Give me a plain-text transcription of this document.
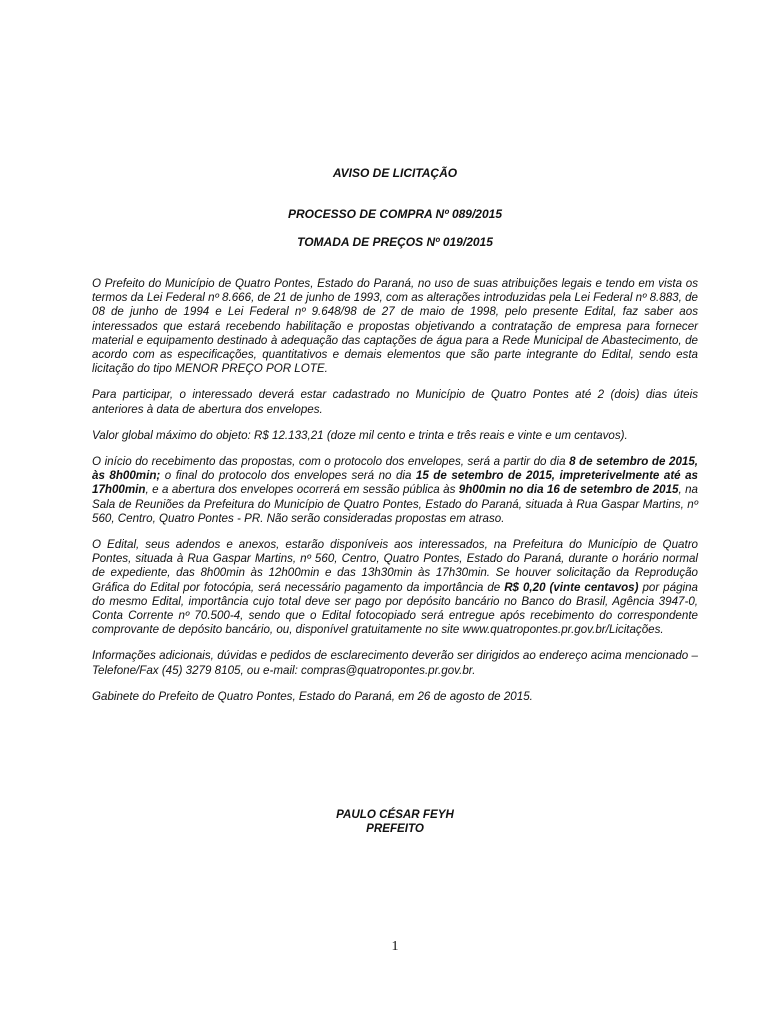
AVISO DE LICITAÇÃO

PROCESSO DE COMPRA Nº 089/2015

TOMADA DE PREÇOS Nº 019/2015

O Prefeito do Município de Quatro Pontes, Estado do Paraná, no uso de suas atribuições legais e tendo em vista os termos da Lei Federal nº 8.666, de 21 de junho de 1993, com as alterações introduzidas pela Lei Federal nº 8.883, de 08 de junho de 1994 e Lei Federal nº 9.648/98 de 27 de maio de 1998, pelo presente Edital, faz saber aos interessados que estará recebendo habilitação e propostas objetivando a contratação de empresa para fornecer material e equipamento destinado à adequação das captações de água para a Rede Municipal de Abastecimento, de acordo com as especificações, quantitativos e demais elementos que são parte integrante do Edital, sendo esta licitação do tipo MENOR PREÇO POR LOTE.

Para participar, o interessado deverá estar cadastrado no Município de Quatro Pontes até 2 (dois) dias úteis anteriores à data de abertura dos envelopes.

Valor global máximo do objeto: R$ 12.133,21 (doze mil cento e trinta e três reais e vinte e um centavos).

O início do recebimento das propostas, com o protocolo dos envelopes, será a partir do dia 8 de setembro de 2015, às 8h00min; o final do protocolo dos envelopes será no dia 15 de setembro de 2015, impreterivelmente até as 17h00min, e a abertura dos envelopes ocorrerá em sessão pública às 9h00min no dia 16 de setembro de 2015, na Sala de Reuniões da Prefeitura do Município de Quatro Pontes, Estado do Paraná, situada à Rua Gaspar Martins, nº 560, Centro, Quatro Pontes - PR. Não serão consideradas propostas em atraso.

O Edital, seus adendos e anexos, estarão disponíveis aos interessados, na Prefeitura do Município de Quatro Pontes, situada à Rua Gaspar Martins, nº 560, Centro, Quatro Pontes, Estado do Paraná, durante o horário normal de expediente, das 8h00min às 12h00min e das 13h30min às 17h30min. Se houver solicitação da Reprodução Gráfica do Edital por fotocópia, será necessário pagamento da importância de R$ 0,20 (vinte centavos) por página do mesmo Edital, importância cujo total deve ser pago por depósito bancário no Banco do Brasil, Agência 3947-0, Conta Corrente nº 70.500-4, sendo que o Edital fotocopiado será entregue após recebimento do correspondente comprovante de depósito bancário, ou, disponível gratuitamente no site www.quatropontes.pr.gov.br/Licitações.

Informações adicionais, dúvidas e pedidos de esclarecimento deverão ser dirigidos ao endereço acima mencionado – Telefone/Fax (45) 3279 8105, ou e-mail: compras@quatropontes.pr.gov.br.

Gabinete do Prefeito de Quatro Pontes, Estado do Paraná, em 26 de agosto de 2015.

PAULO CÉSAR FEYH

PREFEITO

1
